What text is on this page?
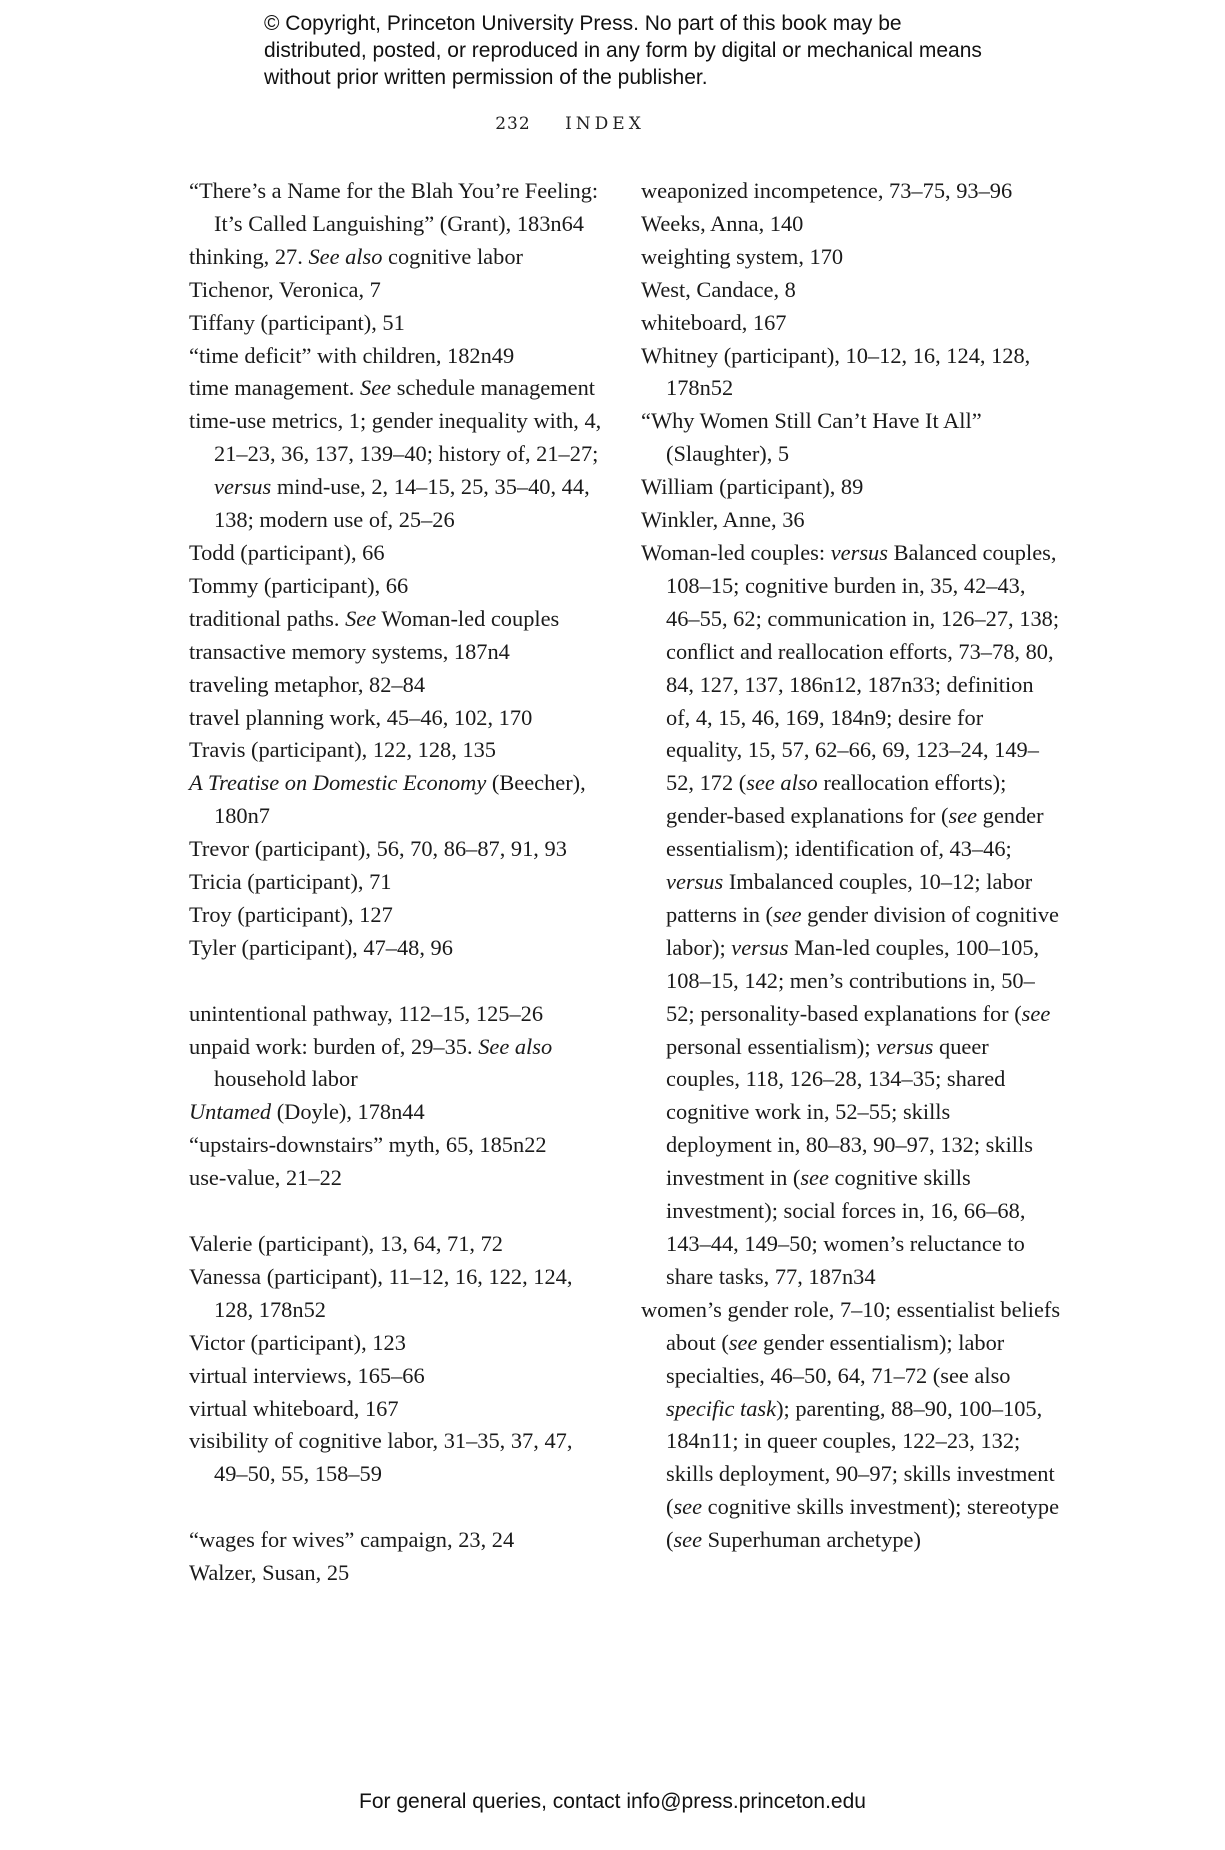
© Copyright, Princeton University Press. No part of this book may be distributed, posted, or reproduced in any form by digital or mechanical means without prior written permission of the publisher.
232 INDEX

“There’s a Name for the Blah You’re Feeling: It’s Called Languishing” (Grant), 183n64

thinking, 27. See also cognitive labor

Tichenor, Veronica, 7

Tiffany (participant), 51

“time deficit” with children, 182n49

time management. See schedule management

time-use metrics, 1; gender inequality with, 4, 21–23, 36, 137, 139–40; history of, 21–27; versus mind-use, 2, 14–15, 25, 35–40, 44, 138; modern use of, 25–26

Todd (participant), 66

Tommy (participant), 66

traditional paths. See Woman-led couples

transactive memory systems, 187n4

traveling metaphor, 82–84

travel planning work, 45–46, 102, 170

Travis (participant), 122, 128, 135

A Treatise on Domestic Economy (Beecher), 180n7

Trevor (participant), 56, 70, 86–87, 91, 93

Tricia (participant), 71

Troy (participant), 127

Tyler (participant), 47–48, 96

unintentional pathway, 112–15, 125–26

unpaid work: burden of, 29–35. See also household labor

Untamed (Doyle), 178n44

“upstairs-downstairs” myth, 65, 185n22

use-value, 21–22

Valerie (participant), 13, 64, 71, 72

Vanessa (participant), 11–12, 16, 122, 124, 128, 178n52

Victor (participant), 123

virtual interviews, 165–66

virtual whiteboard, 167

visibility of cognitive labor, 31–35, 37, 47, 49–50, 55, 158–59

“wages for wives” campaign, 23, 24

Walzer, Susan, 25

weaponized incompetence, 73–75, 93–96

Weeks, Anna, 140

weighting system, 170

West, Candace, 8

whiteboard, 167

Whitney (participant), 10–12, 16, 124, 128, 178n52

“Why Women Still Can’t Have It All” (Slaughter), 5

William (participant), 89

Winkler, Anne, 36

Woman-led couples: versus Balanced couples, 108–15; cognitive burden in, 35, 42–43, 46–55, 62; communication in, 126–27, 138; conflict and reallocation efforts, 73–78, 80, 84, 127, 137, 186n12, 187n33; definition of, 4, 15, 46, 169, 184n9; desire for equality, 15, 57, 62–66, 69, 123–24, 149–52, 172 (see also reallocation efforts); gender-based explanations for (see gender essentialism); identification of, 43–46; versus Imbalanced couples, 10–12; labor patterns in (see gender division of cognitive labor); versus Man-led couples, 100–105, 108–15, 142; men’s contributions in, 50–52; personality-based explanations for (see personal essentialism); versus queer couples, 118, 126–28, 134–35; shared cognitive work in, 52–55; skills deployment in, 80–83, 90–97, 132; skills investment in (see cognitive skills investment); social forces in, 16, 66–68, 143–44, 149–50; women’s reluctance to share tasks, 77, 187n34

women’s gender role, 7–10; essentialist beliefs about (see gender essentialism); labor specialties, 46–50, 64, 71–72 (see also specific task); parenting, 88–90, 100–105, 184n11; in queer couples, 122–23, 132; skills deployment, 90–97; skills investment (see cognitive skills investment); stereotype (see Superhuman archetype)

For general queries, contact info@press.princeton.edu
